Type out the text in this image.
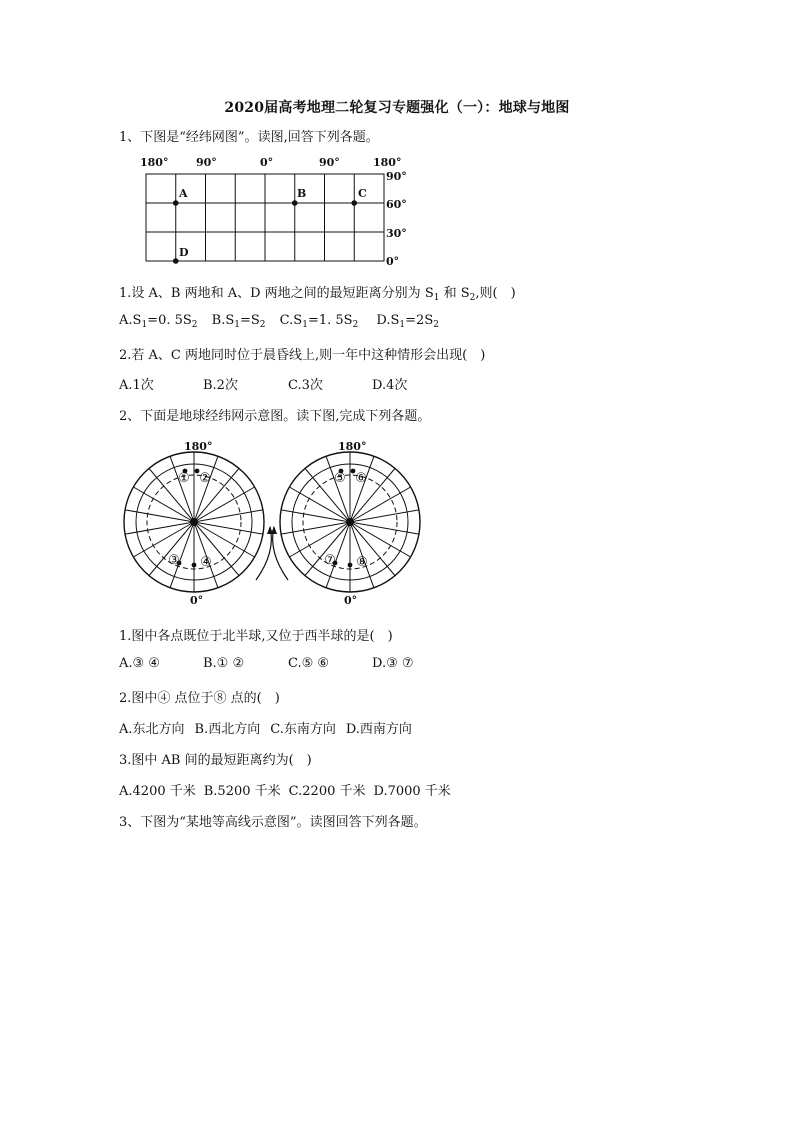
2020届高考地理二轮复习专题强化（一）：地球与地图
1、下图是“经纬网图”。读图,回答下列各题。
180°	90°	0°	90°	180°
90°
60°
30°
0°
A	B	C
D
1.设 A、B 两地和 A、D 两地之间的最短距离分别为 $S_1$ 和 $S_2$,则(　)
$A.S_1=0$. $5S_2$ $B.S_1=S_2$ $C.S_1=1$. $5S_2$ $D.S_1=2S_2$
2.若 A、C 两地同时位于晨昏线上,则一年中这种情形会出现(　)
A.1次	B.2次	C.3次	D.4次
2、下面是地球经纬网示意图。读下图,完成下列各题。
180°
0°
180°
0°
① ②
③ ④
⑤ ⑥
⑦ ⑧
1.图中各点既位于北半球,又位于西半球的是(　)
A.③ ④	B.① ②	C.⑤ ⑥	D.③ ⑦
2.图中④ 点位于⑧ 点的(　)
A.东北方向 B.西北方向 C.东南方向 D.西南方向
3.图中 AB 间的最短距离约为(　)
A.4200 千米 B.5200 千米 C.2200 千米 D.7000 千米
3、下图为“某地等高线示意图”。读图回答下列各题。
